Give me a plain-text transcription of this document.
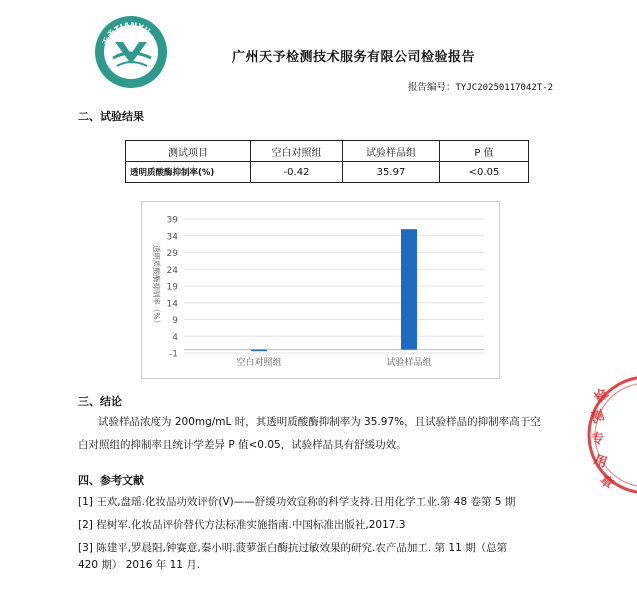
天予TIANYU
广州天予检测技术服务有限公司检验报告
报告编号：TYJC20250117042T-2
二、试验结果
测试项目	空白对照组	试验样品组	P 值
透明质酸酶抑制率(%)	-0.42	35.97	<0.05
39
34
29
24
19
14
9
4
-1
透明质酸酶抑制率（%）
空白对照组	试验样品组
三、结论
试验样品浓度为 200mg/mL 时，其透明质酸酶抑制率为 35.97%，且试验样品的抑制率高于空
白对照组的抑制率且统计学差异 P 值<0.05，试验样品具有舒缓功效。
四、参考文献
[1] 王欢,盘瑶.化妆品功效评价(V)——舒缓功效宣称的科学支持.日用化学工业.第 48 卷第 5 期
[2] 程树军.化妆品评价替代方法标准实施指南.中国标准出版社,2017.3
[3] 陈建平,罗晨阳,钟赛意,秦小明.菠萝蛋白酶抗过敏效果的研究.农产品加工. 第 11 期（总第
420 期） 2016 年 11 月.
检
测
专
用
章
